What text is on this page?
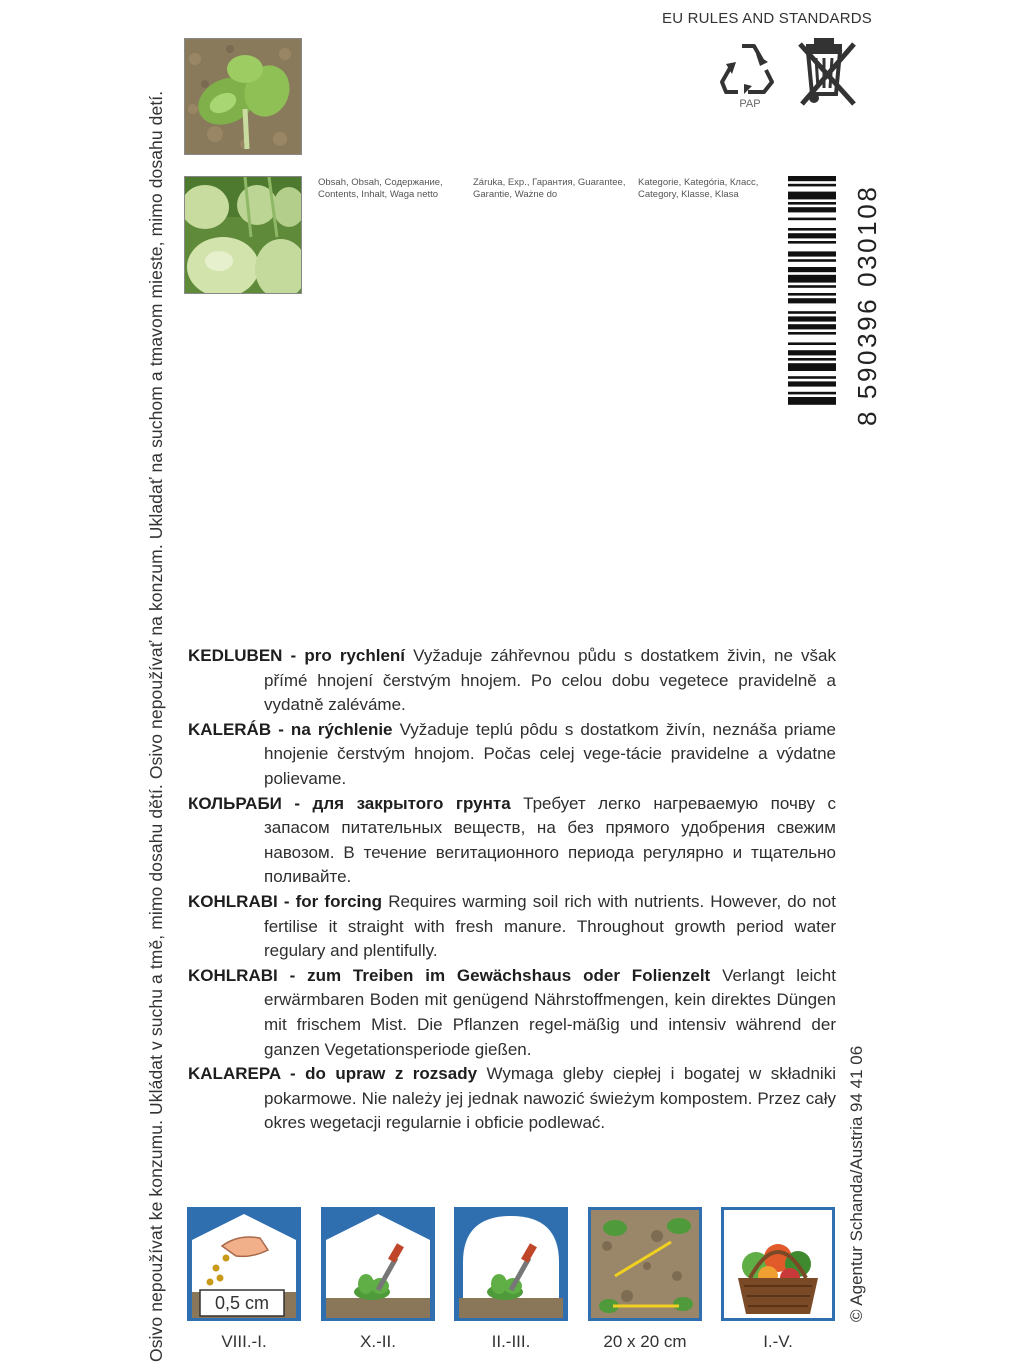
Osivo nepoužívat ke konzumu. Ukládat v suchu a tmě, mimo dosahu dětí. Osivo nepoužívať na konzum. Ukladať na suchom a tmavom mieste, mimo dosahu detí.	© Agentur Schanda/Austria 94 41 06
Obsah, Obsah, Содержание, Contents, Inhalt, Waga netto
Záruka, Exp., Гарантия, Guarantee, Garantie, Ważne do
Kategorie, Kategória, Класс, Category, Klasse, Klasa
EU RULES AND STANDARDS
PAP
8 590396 030108
KEDLUBEN - pro rychlení Vyžaduje záhřevnou půdu s dostatkem živin, ne však přímé hnojení čerstvým hnojem. Po celou dobu vegetece pravidelně a vydatně zaléváme.
KALERÁB - na rýchlenie Vyžaduje teplú pôdu s dostatkom živín, neznáša priame hnojenie čerstvým hnojom. Počas celej vege-tácie pravidelne a výdatne polievame.
КОЛЬРАБИ - для закрытого грунта Требует легко нагреваемую почву с запасом питательных веществ, на без прямого удобрения свежим навозом. В течение вегитационного периода регулярно и тщательно поливайте.
KOHLRABI - for forcing Requires warming soil rich with nutrients. However, do not fertilise it straight with fresh manure. Throughout growth period water regulary and plentifully.
KOHLRABI - zum Treiben im Gewächshaus oder Folienzelt Verlangt leicht erwärmbaren Boden mit genügend Nährstoffmengen, kein direktes Düngen mit frischem Mist. Die Pflanzen regel-mäßig und intensiv während der ganzen Vegetationsperiode gießen.
KALAREPA - do upraw z rozsady Wymaga gleby ciepłej i bogatej w składniki pokarmowe. Nie należy jej jednak nawozić świeżym kompostem. Przez cały okres wegetacji regularnie i obficie podlewać.
0,5 cm
VIII.-I.	X.-II.	II.-III.	20 x 20 cm	I.-V.
